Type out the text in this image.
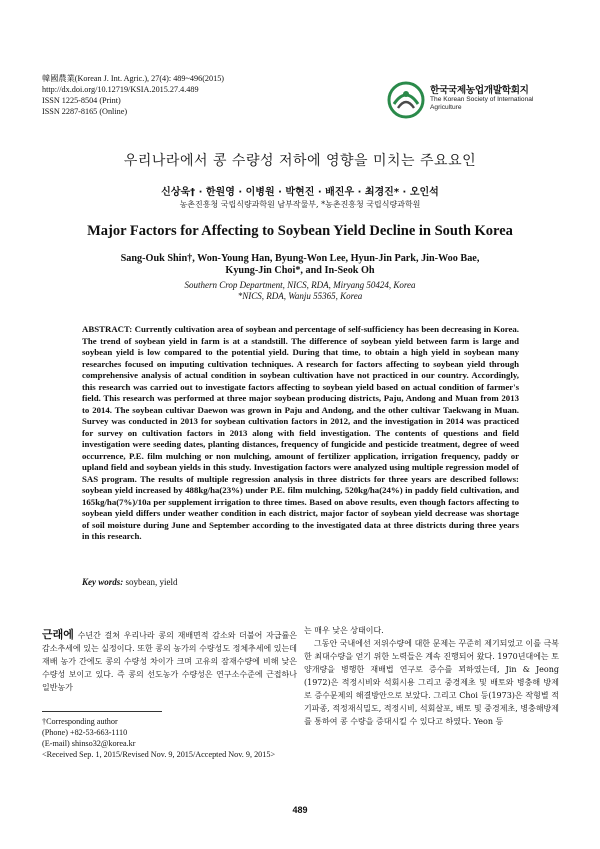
韓國農業(Korean J. Int. Agric.), 27(4): 489~496(2015)
http://dx.doi.org/10.12719/KSIA.2015.27.4.489
ISSN 1225-8504 (Print)
ISSN 2287-8165 (Online)
한국국제농업개발학회지
The Korean Society of International Agriculture
우리나라에서 콩 수량성 저하에 영향을 미치는 주요요인
신상욱† · 한원영 · 이병원 · 박현진 · 배진우 · 최경진* · 오인석
농촌진흥청 국립식량과학원 남부작물부, *농촌진흥청 국립식량과학원
Major Factors for Affecting to Soybean Yield Decline in South Korea
Sang-Ouk Shin†, Won-Young Han, Byung-Won Lee, Hyun-Jin Park, Jin-Woo Bae,
Kyung-Jin Choi*, and In-Seok Oh
Southern Crop Department, NICS, RDA, Miryang 50424, Korea
*NICS, RDA, Wanju 55365, Korea
ABSTRACT: Currently cultivation area of soybean and percentage of self-sufficiency has been decreasing in Korea. The trend of soybean yield in farm is at a standstill. The difference of soybean yield between farm is large and soybean yield is low compared to the potential yield. During that time, to obtain a high yield in soybean many researches focused on imputing cultivation techniques. A research for factors affecting to soybean yield through comprehensive analysis of actual condition in soybean cultivation have not practiced in our country. Accordingly, this research was carried out to investigate factors affecting to soybean yield based on actual condition of farmer's field. This research was performed at three major soybean producing districts, Paju, Andong and Muan from 2013 to 2014. The soybean cultivar Daewon was grown in Paju and Andong, and the other cultivar Taekwang in Muan. Survey was conducted in 2013 for soybean cultivation factors in 2012, and the investigation in 2014 was practiced for survey on cultivation factors in 2013 along with field investigation. The contents of questions and field investigation were seeding dates, planting distances, frequency of fungicide and pesticide treatment, degree of weed occurrence, P.E. film mulching or non mulching, amount of fertilizer application, irrigation frequency, paddy or upland field and soybean yields in this study. Investigation factors were analyzed using multiple regression model of SAS program. The results of multiple regression analysis in three districts for three years are described follows: soybean yield increased by 488kg/ha(23%) under P.E. film mulching, 520kg/ha(24%) in paddy field cultivation, and 165kg/ha(7%)/10a per supplement irrigation to three times. Based on above results, even though factors affecting to soybean yield differs under weather condition in each district, major factor of soybean yield decrease was shortage of soil moisture during June and September according to the investigated data at three districts during three years in this research.
Key words: soybean, yield
근래에 수년간 걸쳐 우리나라 콩의 재배면적 감소와 더불어 자급률은 감소추세에 있는 실정이다. 또한 콩의 농가의 수량성도 정체추세에 있는데 재배 농가 간에도 콩의 수량성 차이가 크며 고유의 잠재수량에 비해 낮은 수량성 보이고 있다. 즉 콩의 선도농가 수량성은 연구소수준에 근접하나 일반농가
†Corresponding author
(Phone) +82-53-663-1110
(E-mail) shinso32@korea.kr
<Received Sep. 1, 2015/Revised Nov. 9, 2015/Accepted Nov. 9, 2015>

는 매우 낮은 상태이다.

그동안 국내에선 저위수량에 대한 문제는 꾸준히 제기되었고 이를 극복한 최대수량을 얻기 위한 노력들은 계속 진행되어 왔다. 1970년대에는 토양개량을 병행한 재배법 연구로 증수를 꾀하였는데, Jin & Jeong (1972)은 적정시비와 석회시용 그리고 중경제초 및 배토와 병충해 방제로 증수문제의 해결방안으로 보았다. 그리고 Choi 등(1973)은 작형별 적기파종, 적정재식밀도, 적정시비, 석회살포, 배토 및 중경제초, 병충해방제를 통하여 콩 수량을 증대시킬 수 있다고 하였다. Yeon 등

489
